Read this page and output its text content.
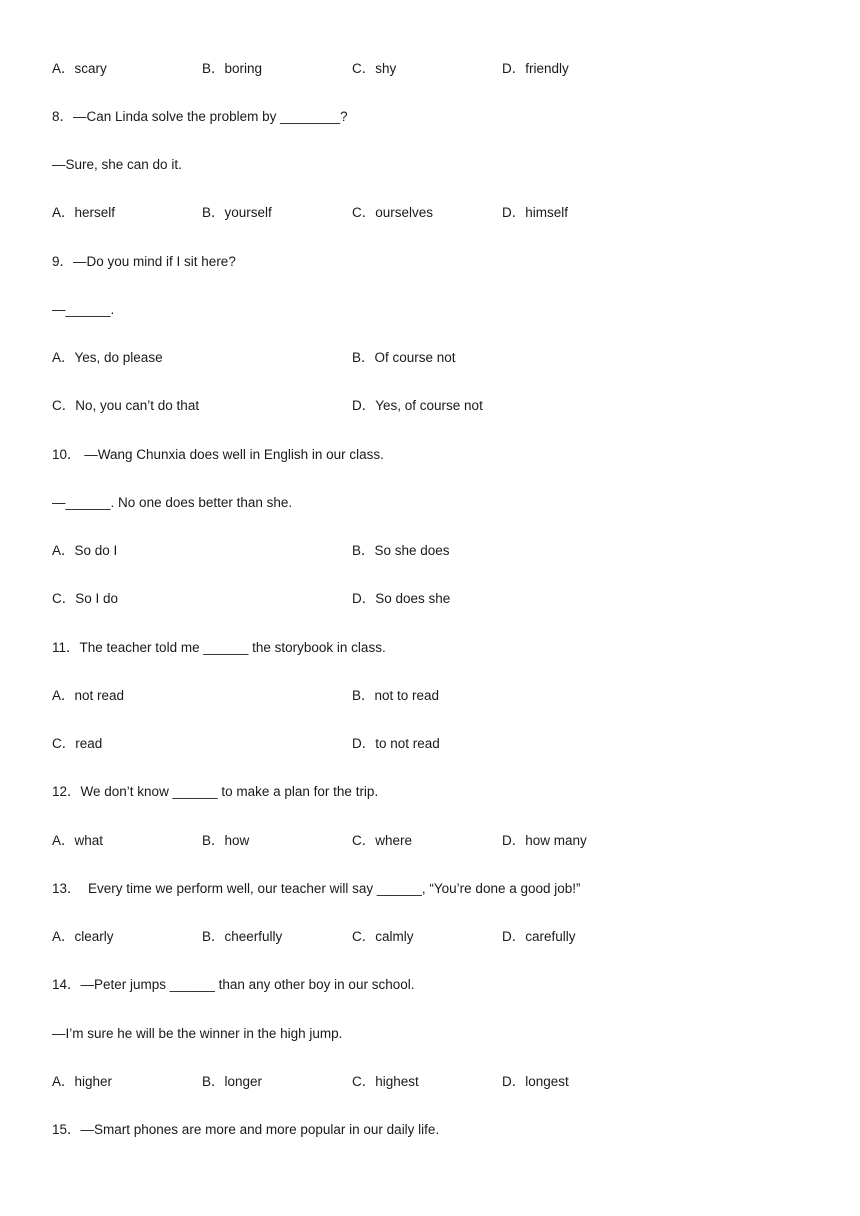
A．scary	B．boring	C．shy	D．friendly
8．—Can Linda solve the problem by ________?
—Sure, she can do it.
A．herself	B．yourself	C．ourselves	D．himself
9．—Do you mind if I sit here?
—______.
A．Yes, do please	B．Of course not
C．No, you can’t do that	D．Yes, of course not
10． —Wang Chunxia does well in English in our class.
—______. No one does better than she.
A．So do I	B．So she does
C．So I do	D．So does she
11．The teacher told me ______ the storybook in class.
A．not read	B．not to read
C．read	D．to not read
12．We don’t know ______ to make a plan for the trip.
A．what	B．how	C．where	D．how many
13．  Every time we perform well, our teacher will say ______, “You’re done a good job!”
A．clearly	B．cheerfully	C．calmly	D．carefully
14．—Peter jumps ______ than any other boy in our school.
—I’m sure he will be the winner in the high jump.
A．higher	B．longer	C．highest	D．longest
15．—Smart phones are more and more popular in our daily life.
